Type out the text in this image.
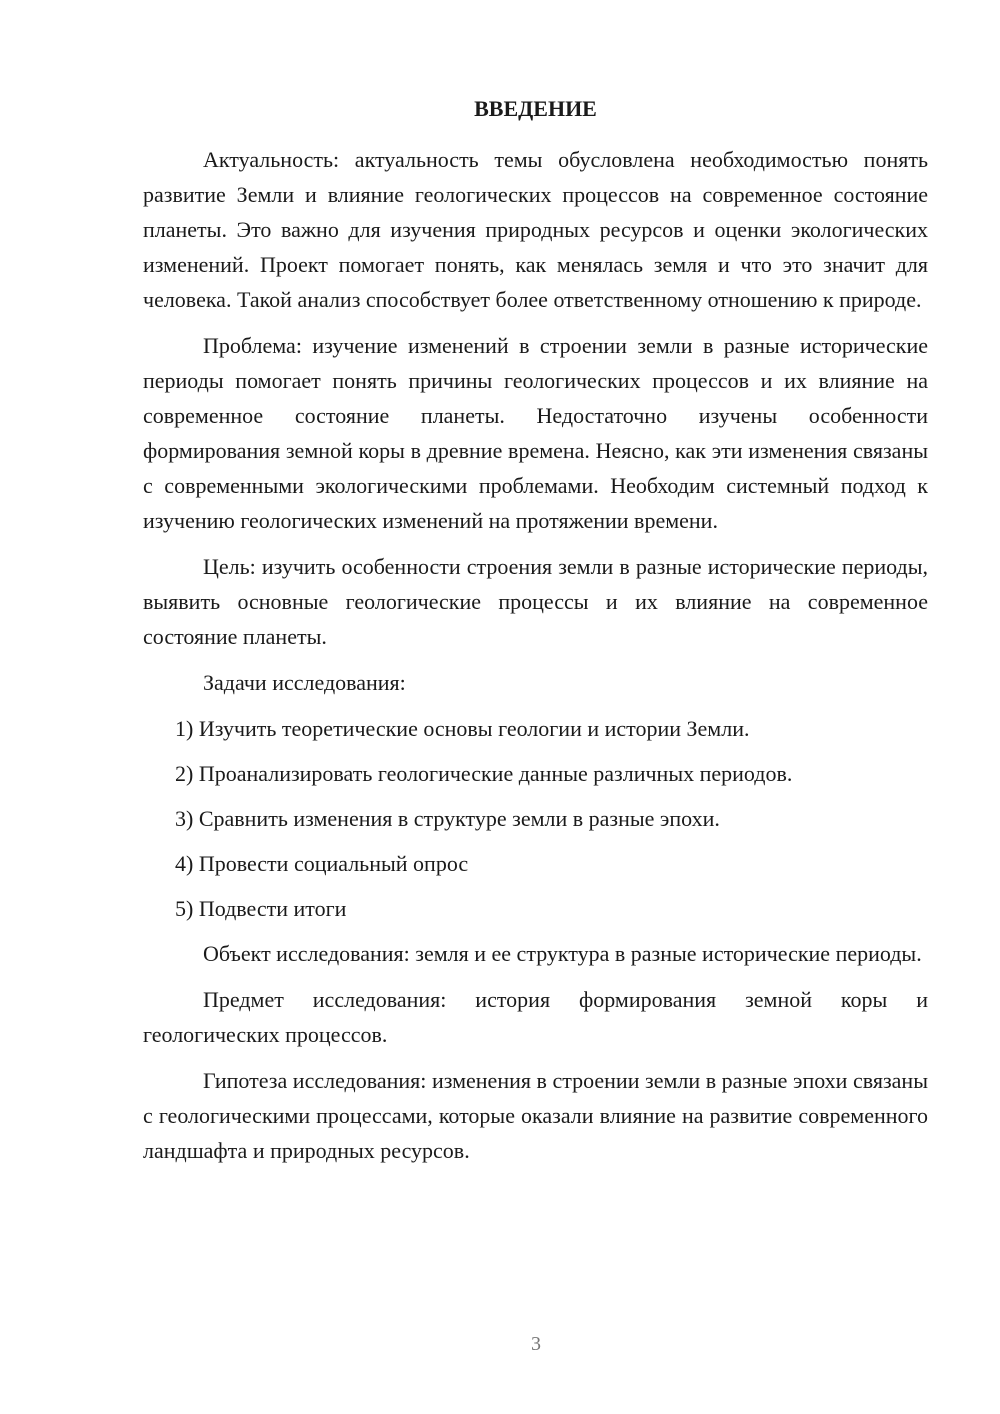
ВВЕДЕНИЕ

Актуальность: актуальность темы обусловлена необходимостью понять развитие Земли и влияние геологических процессов на современное состояние планеты. Это важно для изучения природных ресурсов и оценки экологических изменений. Проект помогает понять, как менялась земля и что это значит для человека. Такой анализ способствует более ответственному отношению к природе.

Проблема: изучение изменений в строении земли в разные исторические периоды помогает понять причины геологических процессов и их влияние на современное состояние планеты. Недостаточно изучены особенности формирования земной коры в древние времена. Неясно, как эти изменения связаны с современными экологическими проблемами. Необходим системный подход к изучению геологических изменений на протяжении времени.

Цель: изучить особенности строения земли в разные исторические периоды, выявить основные геологические процессы и их влияние на современное состояние планеты.

Задачи исследования:

1) Изучить теоретические основы геологии и истории Земли.

2) Проанализировать геологические данные различных периодов.

3) Сравнить изменения в структуре земли в разные эпохи.

4) Провести социальный опрос

5) Подвести итоги

Объект исследования: земля и ее структура в разные исторические периоды.

Предмет исследования: история формирования земной коры и геологических процессов.

Гипотеза исследования: изменения в строении земли в разные эпохи связаны с геологическими процессами, которые оказали влияние на развитие современного ландшафта и природных ресурсов.

3
